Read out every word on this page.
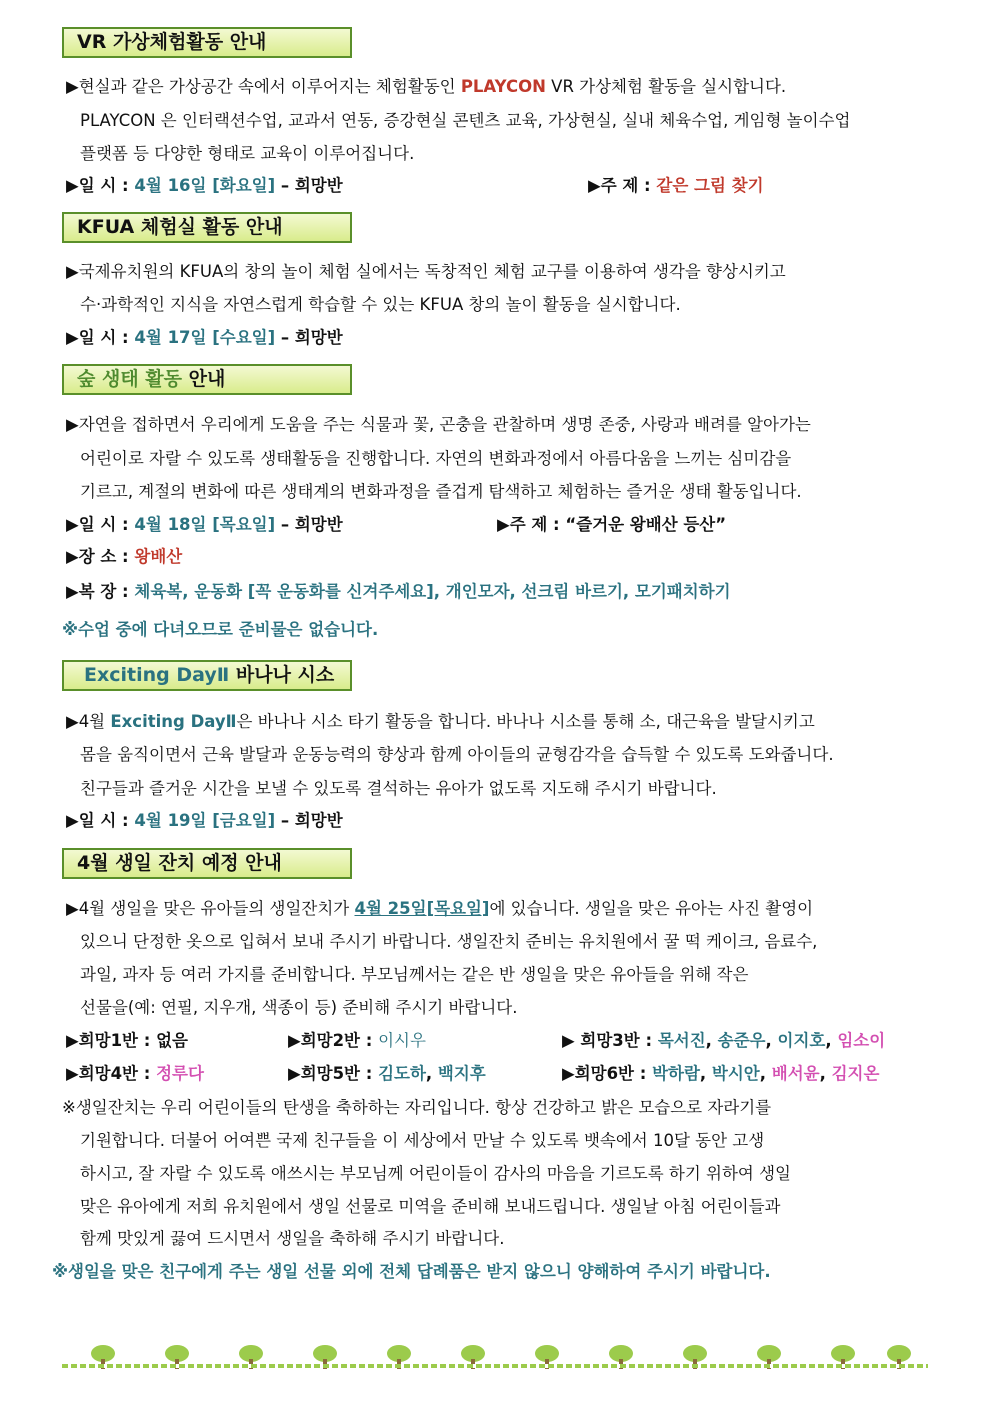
VR 가상체험활동 안내
▶현실과 같은 가상공간 속에서 이루어지는 체험활동인 PLAYCON VR 가상체험 활동을 실시합니다.
PLAYCON 은 인터랙션수업, 교과서 연동, 증강현실 콘텐츠 교육, 가상현실, 실내 체육수업, 게임형 놀이수업
플랫폼 등 다양한 형태로 교육이 이루어집니다.
▶일 시 : 4월 16일 [화요일] – 희망반	▶주 제 : 같은 그림 찾기
KFUA 체험실 활동 안내
▶국제유치원의 KFUA의 창의 놀이 체험 실에서는 독창적인 체험 교구를 이용하여 생각을 향상시키고
수·과학적인 지식을 자연스럽게 학습할 수 있는 KFUA 창의 놀이 활동을 실시합니다.
▶일 시 : 4월 17일 [수요일] – 희망반
숲 생태 활동 안내
▶자연을 접하면서 우리에게 도움을 주는 식물과 꽃, 곤충을 관찰하며 생명 존중, 사랑과 배려를 알아가는
어린이로 자랄 수 있도록 생태활동을 진행합니다. 자연의 변화과정에서 아름다움을 느끼는 심미감을
기르고, 계절의 변화에 따른 생태계의 변화과정을 즐겁게 탐색하고 체험하는 즐거운 생태 활동입니다.
▶일 시 : 4월 18일 [목요일] – 희망반	▶주 제 : “즐거운 왕배산 등산”
▶장 소 : 왕배산
▶복 장 : 체육복, 운동화 [꼭 운동화를 신겨주세요], 개인모자, 선크림 바르기, 모기패치하기
※수업 중에 다녀오므로 준비물은 없습니다.
Exciting DayⅡ 바나나 시소
▶4월 Exciting DayⅡ은 바나나 시소 타기 활동을 합니다. 바나나 시소를 통해 소, 대근육을 발달시키고
몸을 움직이면서 근육 발달과 운동능력의 향상과 함께 아이들의 균형감각을 습득할 수 있도록 도와줍니다.
친구들과 즐거운 시간을 보낼 수 있도록 결석하는 유아가 없도록 지도해 주시기 바랍니다.
▶일 시 : 4월 19일 [금요일] – 희망반
4월 생일 잔치 예정 안내
▶4월 생일을 맞은 유아들의 생일잔치가 4월 25일[목요일]에 있습니다. 생일을 맞은 유아는 사진 촬영이
있으니 단정한 옷으로 입혀서 보내 주시기 바랍니다. 생일잔치 준비는 유치원에서 꿀 떡 케이크, 음료수,
과일, 과자 등 여러 가지를 준비합니다. 부모님께서는 같은 반 생일을 맞은 유아들을 위해 작은
선물을(예: 연필, 지우개, 색종이 등) 준비해 주시기 바랍니다.
▶희망1반 : 없음	▶희망2반 : 이시우	▶ 희망3반 : 목서진, 송준우, 이지호, 임소이
▶희망4반 : 정루다	▶희망5반 : 김도하, 백지후	▶희망6반 : 박하람, 박시안, 배서윤, 김지온
※생일잔치는 우리 어린이들의 탄생을 축하하는 자리입니다. 항상 건강하고 밝은 모습으로 자라기를
기원합니다. 더불어 어여쁜 국제 친구들을 이 세상에서 만날 수 있도록 뱃속에서 10달 동안 고생
하시고, 잘 자랄 수 있도록 애쓰시는 부모님께 어린이들이 감사의 마음을 기르도록 하기 위하여 생일
맞은 유아에게 저희 유치원에서 생일 선물로 미역을 준비해 보내드립니다. 생일날 아침 어린이들과
함께 맛있게 끓여 드시면서 생일을 축하해 주시기 바랍니다.
※생일을 맞은 친구에게 주는 생일 선물 외에 전체 답례품은 받지 않으니 양해하여 주시기 바랍니다.
